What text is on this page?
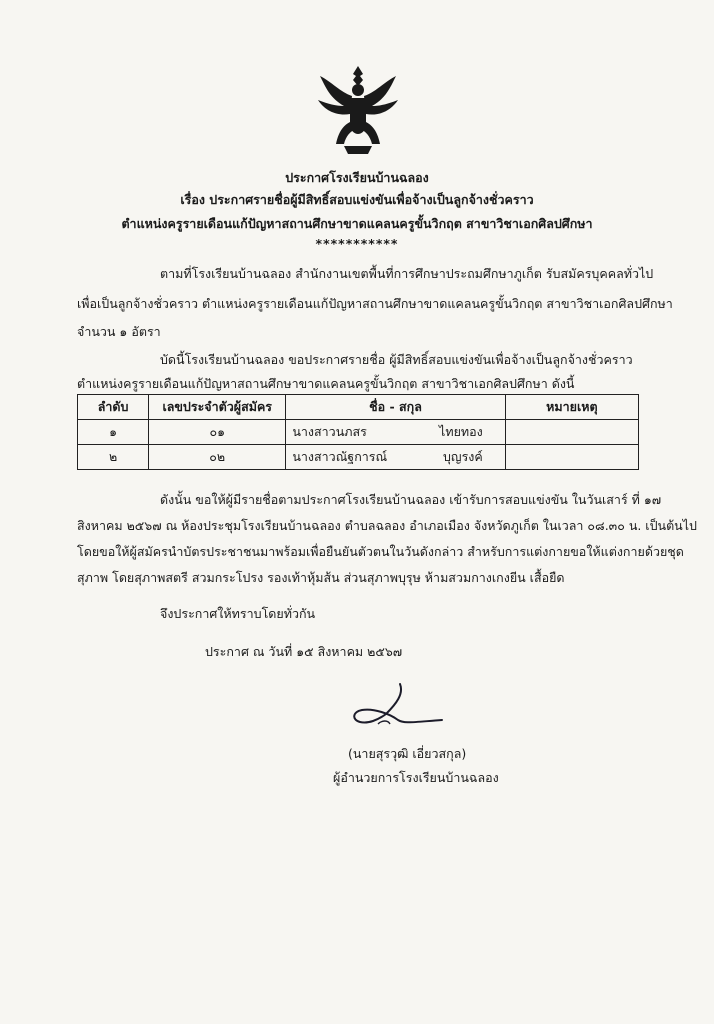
ประกาศโรงเรียนบ้านฉลอง
เรื่อง ประกาศรายชื่อผู้มีสิทธิ์สอบแข่งขันเพื่อจ้างเป็นลูกจ้างชั่วคราว
ตำแหน่งครูรายเดือนแก้ปัญหาสถานศึกษาขาดแคลนครูขั้นวิกฤต สาขาวิชาเอกศิลปศึกษา
***********
ตามที่โรงเรียนบ้านฉลอง สำนักงานเขตพื้นที่การศึกษาประถมศึกษาภูเก็ต รับสมัครบุคคลทั่วไป
เพื่อเป็นลูกจ้างชั่วคราว ตำแหน่งครูรายเดือนแก้ปัญหาสถานศึกษาขาดแคลนครูขั้นวิกฤต สาขาวิชาเอกศิลปศึกษา
จำนวน ๑ อัตรา
บัดนี้โรงเรียนบ้านฉลอง ขอประกาศรายชื่อ ผู้มีสิทธิ์สอบแข่งขันเพื่อจ้างเป็นลูกจ้างชั่วคราว
ตำแหน่งครูรายเดือนแก้ปัญหาสถานศึกษาขาดแคลนครูขั้นวิกฤต สาขาวิชาเอกศิลปศึกษา ดังนี้
ลำดับ	เลขประจำตัวผู้สมัคร	ชื่อ - สกุล	หมายเหตุ
๑	๐๑	นางสาวนภสร ไทยทอง	

๒	๐๒	นางสาวณัฐการณ์ บุญรงค์	

ดังนั้น ขอให้ผู้มีรายชื่อตามประกาศโรงเรียนบ้านฉลอง เข้ารับการสอบแข่งขัน ในวันเสาร์ ที่ ๑๗
สิงหาคม ๒๕๖๗ ณ ห้องประชุมโรงเรียนบ้านฉลอง ตำบลฉลอง อำเภอเมือง จังหวัดภูเก็ต ในเวลา ๐๘.๓๐ น. เป็นต้นไป
โดยขอให้ผู้สมัครนำบัตรประชาชนมาพร้อมเพื่อยืนยันตัวตนในวันดังกล่าว สำหรับการแต่งกายขอให้แต่งกายด้วยชุด
สุภาพ โดยสุภาพสตรี สวมกระโปรง รองเท้าหุ้มส้น ส่วนสุภาพบุรุษ ห้ามสวมกางเกงยีน เสื้อยืด
จึงประกาศให้ทราบโดยทั่วกัน
ประกาศ ณ วันที่ ๑๕ สิงหาคม ๒๕๖๗
(นายสุรวุฒิ เอี่ยวสกุล)
ผู้อำนวยการโรงเรียนบ้านฉลอง
